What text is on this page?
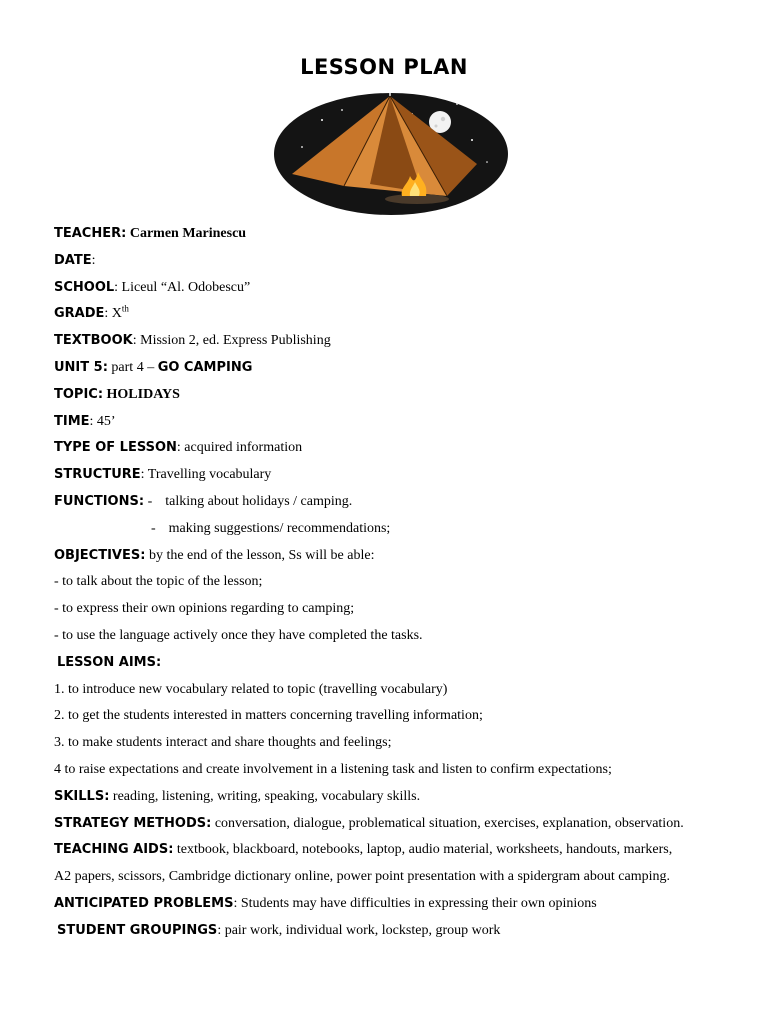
LESSON PLAN
TEACHER: Carmen Marinescu
DATE:
SCHOOL: Liceul “Al. Odobescu”
GRADE: Xth
TEXTBOOK: Mission 2, ed. Express Publishing
UNIT 5: part 4 – GO CAMPING
TOPIC: HOLIDAYS
TIME: 45’
TYPE OF LESSON: acquired information
STRUCTURE: Travelling vocabulary
FUNCTIONS: - talking about holidays / camping.
- making suggestions/ recommendations;
OBJECTIVES: by the end of the lesson, Ss will be able:
- to talk about the topic of the lesson;
- to express their own opinions regarding to camping;
- to use the language actively once they have completed the tasks.
LESSON AIMS:
1. to introduce new vocabulary related to topic (travelling vocabulary)
2. to get the students interested in matters concerning travelling information;
3. to make students interact and share thoughts and feelings;
4 to raise expectations and create involvement in a listening task and listen to confirm expectations;
SKILLS: reading, listening, writing, speaking, vocabulary skills.
STRATEGY METHODS: conversation, dialogue, problematical situation, exercises, explanation, observation.
TEACHING AIDS: textbook, blackboard, notebooks, laptop, audio material, worksheets, handouts, markers,
A2 papers, scissors, Cambridge dictionary online, power point presentation with a spidergram about camping.
ANTICIPATED PROBLEMS: Students may have difficulties in expressing their own opinions
STUDENT GROUPINGS: pair work, individual work, lockstep, group work
